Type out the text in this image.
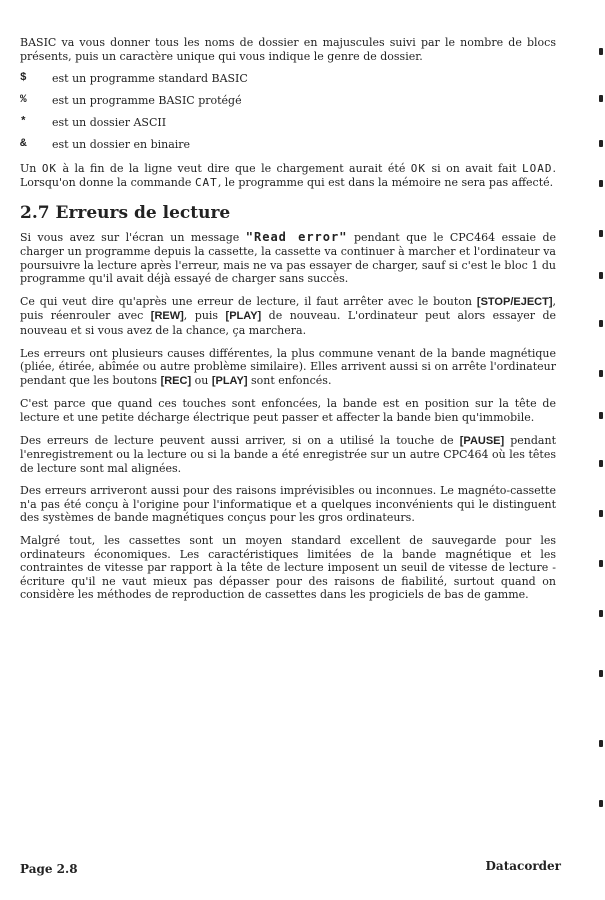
BASIC va vous donner tous les noms de dossier en majuscules suivi par le nombre de blocs présents, puis un caractère unique qui vous indique le genre de dossier.

$	est un programme standard BASIC
%	est un programme BASIC protégé
*	est un dossier ASCII
&	est un dossier en binaire

Un OK à la fin de la ligne veut dire que le chargement aurait été OK si on avait fait LOAD. Lorsqu'on donne la commande CAT, le programme qui est dans la mémoire ne sera pas affecté.

2.7 Erreurs de lecture

Si vous avez sur l'écran un message "Read error" pendant que le CPC464 essaie de charger un programme depuis la cassette, la cassette va continuer à marcher et l'ordinateur va poursuivre la lecture après l'erreur, mais ne va pas essayer de charger, sauf si c'est le bloc 1 du programme qu'il avait déjà essayé de charger sans succès.

Ce qui veut dire qu'après une erreur de lecture, il faut arrêter avec le bouton [STOP/EJECT], puis réenrouler avec [REW], puis [PLAY] de nouveau. L'ordinateur peut alors essayer de nouveau et si vous avez de la chance, ça marchera.

Les erreurs ont plusieurs causes différentes, la plus commune venant de la bande magnétique (pliée, étirée, abîmée ou autre problème similaire). Elles arrivent aussi si on arrête l'ordinateur pendant que les boutons [REC] ou [PLAY] sont enfoncés.

C'est parce que quand ces touches sont enfoncées, la bande est en position sur la tête de lecture et une petite décharge électrique peut passer et affecter la bande bien qu'immobile.

Des erreurs de lecture peuvent aussi arriver, si on a utilisé la touche de [PAUSE] pendant l'enregistrement ou la lecture ou si la bande a été enregistrée sur un autre CPC464 où les têtes de lecture sont mal alignées.

Des erreurs arriveront aussi pour des raisons imprévisibles ou inconnues. Le magnéto-cassette n'a pas été conçu à l'origine pour l'informatique et a quelques inconvénients qui le distinguent des systèmes de bande magnétiques conçus pour les gros ordinateurs.

Malgré tout, les cassettes sont un moyen standard excellent de sauvegarde pour les ordinateurs économiques. Les caractéristiques limitées de la bande magnétique et les contraintes de vitesse par rapport à la tête de lecture imposent un seuil de vitesse de lecture - écriture qu'il ne vaut mieux pas dépasser pour des raisons de fiabilité, surtout quand on considère les méthodes de reproduction de cassettes dans les progiciels de bas de gamme.

Page 2.8	Datacorder
